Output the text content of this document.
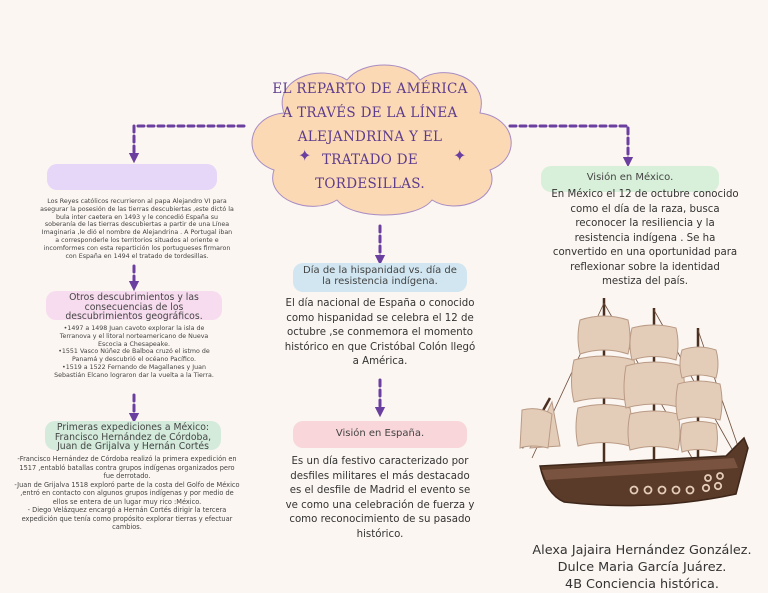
EL REPARTO DE AMÉRICA
A TRAVÉS DE LA LÍNEA
ALEJANDRINA Y EL
TRATADO DE
TORDESILLAS.
✦	✦
Los Reyes católicos recurrieron al papa Alejandro VI para asegurar la posesión de las tierras descubiertas ,este dictó la bula inter caetera en 1493 y le concedió España su soberanía de las tierras descubiertas a partir de una Línea Imaginaria ,le dió el nombre de Alejandrina . A Portugal iban a corresponderle los territorios situados al oriente e incomformes con esta repartición los portugueses firmaron con España en 1494 el tratado de tordesillas.
Otros descubrimientos y las consecuencias de los descubrimientos geográficos.
•1497 a 1498 Juan cavoto explorar la isla de Terranova y el litoral norteamericano de Nueva Escocia a Chesapeake.
•1551 Vasco Núñez de Balboa cruzó el istmo de Panamá y descubrió el océano Pacífico.
•1519 a 1522 Fernando de Magallanes y Juan Sebastián Elcano lograron dar la vuelta a la Tierra.
Primeras expediciones a México: Francisco Hernández de Córdoba, Juan de Grijalva y Hernán Cortés
-Francisco Hernández de Córdoba realizó la primera expedición en 1517 ,entabló batallas contra grupos indígenas organizados pero fue derrotado.
-Juan de Grijalva 1518 exploró parte de la costa del Golfo de México ,entró en contacto con algunos grupos indígenas y por medio de ellos se entera de un lugar muy rico :México.
- Diego Velázquez encargó a Hernán Cortés dirigir la tercera expedición que tenía como propósito explorar tierras y efectuar cambios.
Día de la hispanidad vs. día de la resistencia indígena.
El día nacional de España o conocido como hispanidad se celebra el 12 de octubre ,se conmemora el momento histórico en que Cristóbal Colón llegó a América.
Visión en España.
Es un día festivo caracterizado por desfiles militares el más destacado es el desfile de Madrid el evento se ve como una celebración de fuerza y como reconocimiento de su pasado histórico.
Visión en México.
En México el 12 de octubre conocido como el día de la raza, busca reconocer la resiliencia y la resistencia indígena . Se ha convertido en una oportunidad para reflexionar sobre la identidad mestiza del país.
Alexa Jajaira Hernández González.
Dulce Maria García Juárez.
4B Conciencia histórica.
